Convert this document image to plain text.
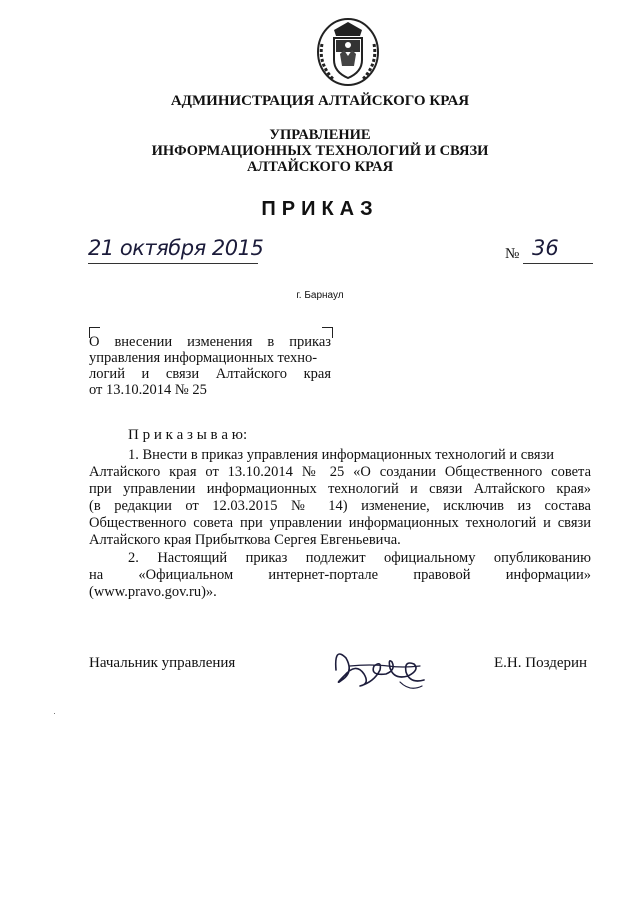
АДМИНИСТРАЦИЯ АЛТАЙСКОГО КРАЯ
УПРАВЛЕНИЕ
ИНФОРМАЦИОННЫХ ТЕХНОЛОГИЙ И СВЯЗИ
АЛТАЙСКОГО КРАЯ
ПРИКАЗ
21 октября 2015	№ 36
г. Барнаул
О внесении изменения в приказ
управления информационных техно-
логий и связи Алтайского края
от 13.10.2014 № 25
П р и к а з ы в а ю:
1. Внести в приказ управления информационных технологий и связи
Алтайского края от 13.10.2014 № 25 «О создании Общественного совета
при управлении информационных технологий и связи Алтайского края»
(в редакции от 12.03.2015 № 14) изменение, исключив из состава
Общественного совета при управлении информационных технологий и связи
Алтайского края Прибыткова Сергея Евгеньевича.
2. Настоящий приказ подлежит официальному опубликованию
на «Официальном интернет-портале правовой информации»
(www.pravo.gov.ru)».
Начальник управления	Е.Н. Поздерин
